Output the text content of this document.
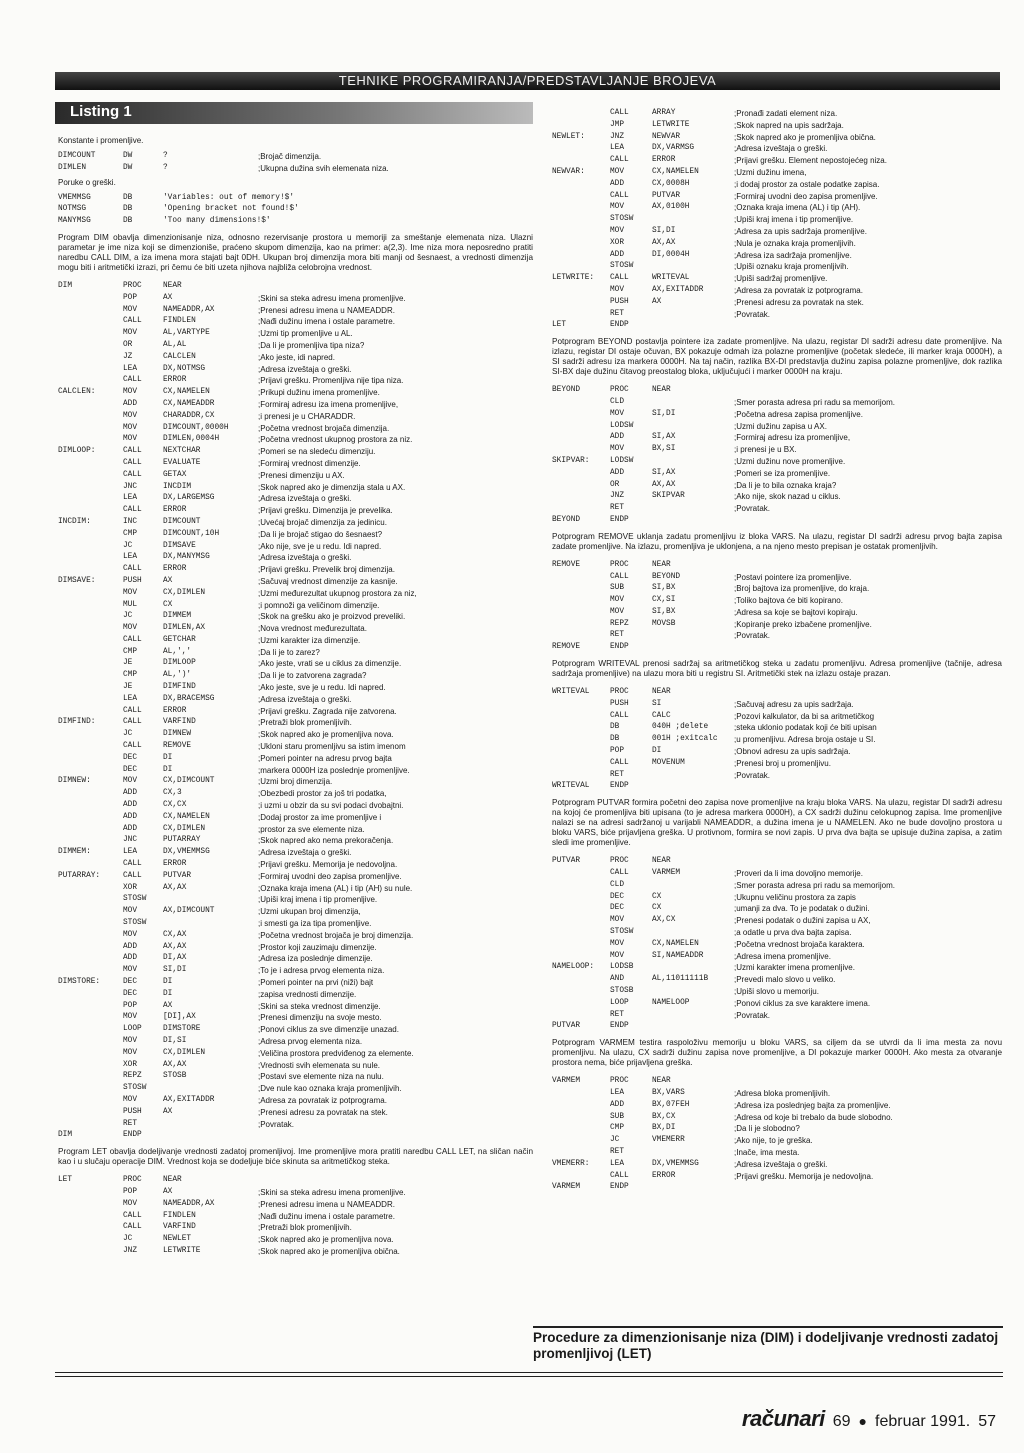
TEHNIKE PROGRAMIRANJA/PREDSTAVLJANJE BROJEVA
Listing 1
Konstante i promenljive.
DIMCOUNT	DW	?	;Brojač dimenzija.
DIMLEN	DW	?	;Ukupna dužina svih elemenata niza.
Poruke o greški.
VMEMMSG	DB	'Variables: out of memory!$'
NOTMSG	DB	'Opening bracket not found!$'
MANYMSG	DB	'Too many dimensions!$'
Program DIM obavlja dimenzionisanje niza, odnosno rezervisanje prostora u memoriji za smeštanje elemenata niza. Ulazni parametar je ime niza koji se dimenzioniše, praćeno skupom dimenzija, kao na primer: a(2,3). Ime niza mora neposredno pratiti naredbu CALL DIM, a iza imena mora stajati bajt 0DH. Ukupan broj dimenzija mora biti manji od šesnaest, a vrednosti dimenzija mogu biti i aritmetički izrazi, pri čemu će biti uzeta njihova najbliža celobrojna vrednost.
DIM	PROC	NEAR
POP	AX	;Skini sa steka adresu imena promenljive.
MOV	NAMEADDR,AX	;Prenesi adresu imena u NAMEADDR.
CALL	FINDLEN	;Nađi dužinu imena i ostale parametre.
MOV	AL,VARTYPE	;Uzmi tip promenljive u AL.
OR	AL,AL	;Da li je promenljiva tipa niza?
JZ	CALCLEN	;Ako jeste, idi napred.
LEA	DX,NOTMSG	;Adresa izveštaja o greški.
CALL	ERROR	;Prijavi grešku. Promenljiva nije tipa niza.
CALCLEN:	MOV	CX,NAMELEN	;Prikupi dužinu imena promenljive.
ADD	CX,NAMEADDR	;Formiraj adresu iza imena promenljive,
MOV	CHARADDR,CX	;i prenesi je u CHARADDR.
MOV	DIMCOUNT,0000H	;Početna vrednost brojača dimenzija.
MOV	DIMLEN,0004H	;Početna vrednost ukupnog prostora za niz.
DIMLOOP:	CALL	NEXTCHAR	;Pomeri se na sledeću dimenziju.
CALL	EVALUATE	;Formiraj vrednost dimenzije.
CALL	GETAX	;Prenesi dimenziju u AX.
JNC	INCDIM	;Skok napred ako je dimenzija stala u AX.
LEA	DX,LARGEMSG	;Adresa izveštaja o greški.
CALL	ERROR	;Prijavi grešku. Dimenzija je prevelika.
INCDIM:	INC	DIMCOUNT	;Uvećaj brojač dimenzija za jedinicu.
CMP	DIMCOUNT,10H	;Da li je brojač stigao do šesnaest?
JC	DIMSAVE	;Ako nije, sve je u redu. Idi napred.
LEA	DX,MANYMSG	;Adresa izveštaja o greški.
CALL	ERROR	;Prijavi grešku. Prevelik broj dimenzija.
DIMSAVE:	PUSH	AX	;Sačuvaj vrednost dimenzije za kasnije.
MOV	CX,DIMLEN	;Uzmi međurezultat ukupnog prostora za niz,
MUL	CX	;i pomnoži ga veličinom dimenzije.
JC	DIMMEM	;Skok na grešku ako je proizvod preveliki.
MOV	DIMLEN,AX	;Nova vrednost međurezultata.
CALL	GETCHAR	;Uzmi karakter iza dimenzije.
CMP	AL,','	;Da li je to zarez?
JE	DIMLOOP	;Ako jeste, vrati se u ciklus za dimenzije.
CMP	AL,')'	;Da li je to zatvorena zagrada?
JE	DIMFIND	;Ako jeste, sve je u redu. Idi napred.
LEA	DX,BRACEMSG	;Adresa izveštaja o greški.
CALL	ERROR	;Prijavi grešku. Zagrada nije zatvorena.
DIMFIND:	CALL	VARFIND	;Pretraži blok promenljivih.
JC	DIMNEW	;Skok napred ako je promenljiva nova.
CALL	REMOVE	;Ukloni staru promenljivu sa istim imenom
DEC	DI	;Pomeri pointer na adresu prvog bajta
DEC	DI	;markera 0000H iza poslednje promenljive.
DIMNEW:	MOV	CX,DIMCOUNT	;Uzmi broj dimenzija.
ADD	CX,3	;Obezbedi prostor za još tri podatka,
ADD	CX,CX	;i uzmi u obzir da su svi podaci dvobajtni.
ADD	CX,NAMELEN	;Dodaj prostor za ime promenljive i
ADD	CX,DIMLEN	;prostor za sve elemente niza.
JNC	PUTARRAY	;Skok napred ako nema prekoračenja.
DIMMEM:	LEA	DX,VMEMMSG	;Adresa izveštaja o greški.
CALL	ERROR	;Prijavi grešku. Memorija je nedovoljna.
PUTARRAY:	CALL	PUTVAR	;Formiraj uvodni deo zapisa promenljive.
XOR	AX,AX	;Oznaka kraja imena (AL) i tip (AH) su nule.
STOSW	;Upiši kraj imena i tip promenljive.
MOV	AX,DIMCOUNT	;Uzmi ukupan broj dimenzija,
STOSW	;i smesti ga iza tipa promenljive.
MOV	CX,AX	;Početna vrednost brojača je broj dimenzija.
ADD	AX,AX	;Prostor koji zauzimaju dimenzije.
ADD	DI,AX	;Adresa iza poslednje dimenzije.
MOV	SI,DI	;To je i adresa prvog elementa niza.
DIMSTORE:	DEC	DI	;Pomeri pointer na prvi (niži) bajt
DEC	DI	;zapisa vrednosti dimenzije.
POP	AX	;Skini sa steka vrednost dimenzije.
MOV	[DI],AX	;Prenesi dimenziju na svoje mesto.
LOOP	DIMSTORE	;Ponovi ciklus za sve dimenzije unazad.
MOV	DI,SI	;Adresa prvog elementa niza.
MOV	CX,DIMLEN	;Veličina prostora predviđenog za elemente.
XOR	AX,AX	;Vrednosti svih elemenata su nule.
REPZ	STOSB	;Postavi sve elemente niza na nulu.
STOSW	;Dve nule kao oznaka kraja promenljivih.
MOV	AX,EXITADDR	;Adresa za povratak iz potprograma.
PUSH	AX	;Prenesi adresu za povratak na stek.
RET	;Povratak.
DIM	ENDP
Program LET obavlja dodeljivanje vrednosti zadatoj promenljivoj. Ime promenljive mora pratiti naredbu CALL LET, na sličan način kao i u slučaju operacije DIM. Vrednost koja se dodeljuje biće skinuta sa aritmetičkog steka.
LET	PROC	NEAR
POP	AX	;Skini sa steka adresu imena promenljive.
MOV	NAMEADDR,AX	;Prenesi adresu imena u NAMEADDR.
CALL	FINDLEN	;Nađi dužinu imena i ostale parametre.
CALL	VARFIND	;Pretraži blok promenljivih.
JC	NEWLET	;Skok napred ako je promenljiva nova.
JNZ	LETWRITE	;Skok napred ako je promenljiva obična.
CALL	ARRAY	;Pronađi zadati element niza.
JMP	LETWRITE	;Skok napred na upis sadržaja.
NEWLET:	JNZ	NEWVAR	;Skok napred ako je promenljiva obična.
LEA	DX,VARMSG	;Adresa izveštaja o greški.
CALL	ERROR	;Prijavi grešku. Element nepostojećeg niza.
NEWVAR:	MOV	CX,NAMELEN	;Uzmi dužinu imena,
ADD	CX,0008H	;i dodaj prostor za ostale podatke zapisa.
CALL	PUTVAR	;Formiraj uvodni deo zapisa promenljive.
MOV	AX,0100H	;Oznaka kraja imena (AL) i tip (AH).
STOSW	;Upiši kraj imena i tip promenljive.
MOV	SI,DI	;Adresa za upis sadržaja promenljive.
XOR	AX,AX	;Nula je oznaka kraja promenljivih.
ADD	DI,0004H	;Adresa iza sadržaja promenljive.
STOSW	;Upiši oznaku kraja promenljivih.
LETWRITE:	CALL	WRITEVAL	;Upiši sadržaj promenljive.
MOV	AX,EXITADDR	;Adresa za povratak iz potprograma.
PUSH	AX	;Prenesi adresu za povratak na stek.
RET	;Povratak.
LET	ENDP
Potprogram BEYOND postavlja pointere iza zadate promenljive. Na ulazu, registar DI sadrži adresu date promenljive. Na izlazu, registar DI ostaje očuvan, BX pokazuje odmah iza polazne promenljive (početak sledeće, ili marker kraja 0000H), a SI sadrži adresu iza markera 0000H. Na taj način, razlika BX-DI predstavlja dužinu zapisa polazne promenljive, dok razlika SI-BX daje dužinu čitavog preostalog bloka, uključujući i marker 0000H na kraju.
BEYOND	PROC	NEAR
CLD	;Smer porasta adresa pri radu sa memorijom.
MOV	SI,DI	;Početna adresa zapisa promenljive.
LODSW	;Uzmi dužinu zapisa u AX.
ADD	SI,AX	;Formiraj adresu iza promenljive,
MOV	BX,SI	;i prenesi je u BX.
SKIPVAR:	LODSW	;Uzmi dužinu nove promenljive.
ADD	SI,AX	;Pomeri se iza promenljive.
OR	AX,AX	;Da li je to bila oznaka kraja?
JNZ	SKIPVAR	;Ako nije, skok nazad u ciklus.
RET	;Povratak.
BEYOND	ENDP
Potprogram REMOVE uklanja zadatu promenljivu iz bloka VARS. Na ulazu, registar DI sadrži adresu prvog bajta zapisa zadate promenljive. Na izlazu, promenljiva je uklonjena, a na njeno mesto prepisan je ostatak promenljivih.
REMOVE	PROC	NEAR
CALL	BEYOND	;Postavi pointere iza promenljive.
SUB	SI,BX	;Broj bajtova iza promenljive, do kraja.
MOV	CX,SI	;Toliko bajtova će biti kopirano.
MOV	SI,BX	;Adresa sa koje se bajtovi kopiraju.
REPZ	MOVSB	;Kopiranje preko izbačene promenljive.
RET	;Povratak.
REMOVE	ENDP
Potprogram WRITEVAL prenosi sadržaj sa aritmetičkog steka u zadatu promenljivu. Adresa promenljive (tačnije, adresa sadržaja promenljive) na ulazu mora biti u registru SI. Aritmetički stek na izlazu ostaje prazan.
WRITEVAL	PROC	NEAR
PUSH	SI	;Sačuvaj adresu za upis sadržaja.
CALL	CALC	;Pozovi kalkulator, da bi sa aritmetičkog
DB	040H ;delete	;steka uklonio podatak koji će biti upisan
DB	001H ;exitcalc	;u promenljivu. Adresa broja ostaje u SI.
POP	DI	;Obnovi adresu za upis sadržaja.
CALL	MOVENUM	;Prenesi broj u promenljivu.
RET	;Povratak.
WRITEVAL	ENDP
Potprogram PUTVAR formira početni deo zapisa nove promenljive na kraju bloka VARS. Na ulazu, registar DI sadrži adresu na kojoj će promenljiva biti upisana (to je adresa markera 0000H), a CX sadrži dužinu celokupnog zapisa. Ime promenljive nalazi se na adresi sadržanoj u varijabli NAMEADDR, a dužina imena je u NAMELEN. Ako ne bude dovoljno prostora u bloku VARS, biće prijavljena greška. U protivnom, formira se novi zapis. U prva dva bajta se upisuje dužina zapisa, a zatim sledi ime promenljive.
PUTVAR	PROC	NEAR
CALL	VARMEM	;Proveri da li ima dovoljno memorije.
CLD	;Smer porasta adresa pri radu sa memorijom.
DEC	CX	;Ukupnu veličinu prostora za zapis
DEC	CX	;umanji za dva. To je podatak o dužini.
MOV	AX,CX	;Prenesi podatak o dužini zapisa u AX,
STOSW	;a odatle u prva dva bajta zapisa.
MOV	CX,NAMELEN	;Početna vrednost brojača karaktera.
MOV	SI,NAMEADDR	;Adresa imena promenljive.
NAMELOOP:	LODSB	;Uzmi karakter imena promenljive.
AND	AL,11011111B	;Prevedi malo slovo u veliko.
STOSB	;Upiši slovo u memoriju.
LOOP	NAMELOOP	;Ponovi ciklus za sve karaktere imena.
RET	;Povratak.
PUTVAR	ENDP
Potprogram VARMEM testira raspoloživu memoriju u bloku VARS, sa ciljem da se utvrdi da li ima mesta za novu promenljivu. Na ulazu, CX sadrži dužinu zapisa nove promenljive, a DI pokazuje marker 0000H. Ako mesta za otvaranje prostora nema, biće prijavljena greška.
VARMEM	PROC	NEAR
LEA	BX,VARS	;Adresa bloka promenljivih.
ADD	BX,07FEH	;Adresa iza poslednjeg bajta za promenljive.
SUB	BX,CX	;Adresa od koje bi trebalo da bude slobodno.
CMP	BX,DI	;Da li je slobodno?
JC	VMEMERR	;Ako nije, to je greška.
RET	;Inače, ima mesta.
VMEMERR:	LEA	DX,VMEMMSG	;Adresa izveštaja o greški.
CALL	ERROR	;Prijavi grešku. Memorija je nedovoljna.
VARMEM	ENDP
Procedure za dimenzionisanje niza (DIM) i dodeljivanje vrednosti zadatoj promenljivoj (LET)
računari 69 ● februar 1991. 57
